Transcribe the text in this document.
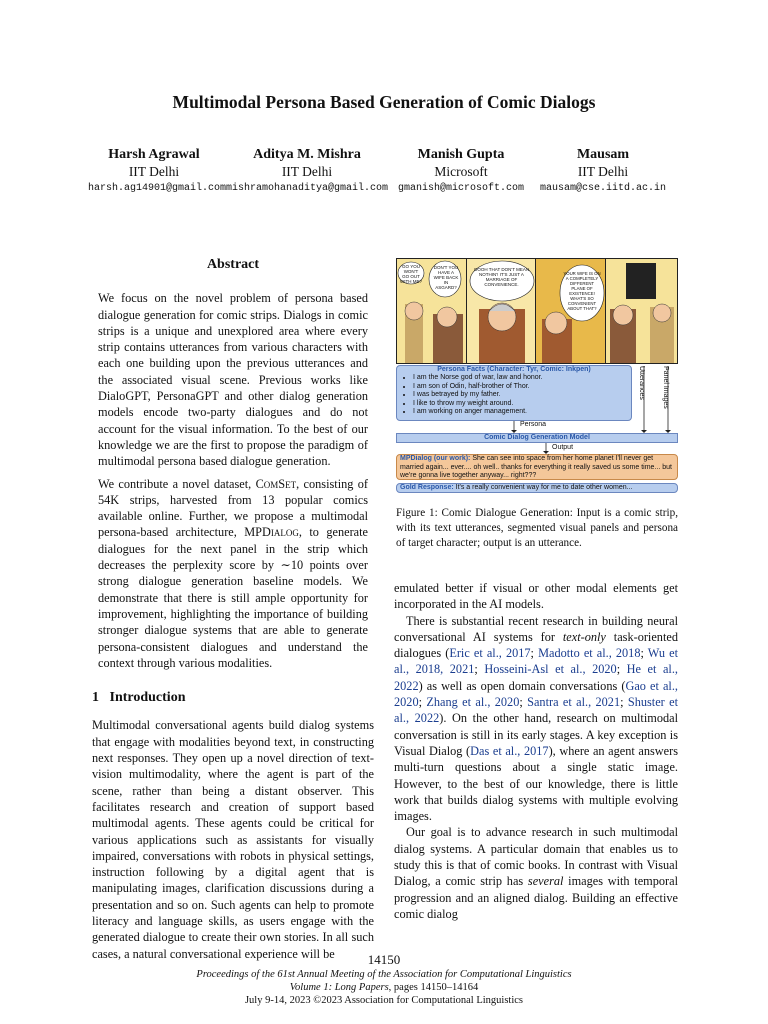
Multimodal Persona Based Generation of Comic Dialogs
Harsh Agrawal
IIT Delhi
harsh.ag14901@gmail.com
Aditya M. Mishra
IIT Delhi
mishramohanaditya@gmail.com
Manish Gupta
Microsoft
gmanish@microsoft.com
Mausam
IIT Delhi
mausam@cse.iitd.ac.in
Abstract

We focus on the novel problem of persona based dialogue generation for comic strips. Dialogs in comic strips is a unique and unexplored area where every strip contains utterances from various characters with each one building upon the previous utterances and the associated visual scene. Previous works like DialoGPT, PersonaGPT and other dialog generation models encode two-party dialogues and do not account for the visual information. To the best of our knowledge we are the first to propose the paradigm of multimodal persona based dialogue generation.

We contribute a novel dataset, ComSet, consisting of 54K strips, harvested from 13 popular comics available online. Further, we propose a multimodal persona-based architecture, MPDialog, to generate dialogues for the next panel in the strip which decreases the perplexity score by ∼10 points over strong dialogue generation baseline models. We demonstrate that there is still ample opportunity for improvement, highlighting the importance of building stronger dialogue systems that are able to generate persona-consistent dialogues and understand the context through various modalities.

1 Introduction

Multimodal conversational agents build dialog systems that engage with modalities beyond text, in constructing next responses. They open up a novel direction of text-vision multimodality, where the agent is part of the scene, rather than being a distant observer. This facilitates research and creation of support based multimodal agents. These agents could be critical for various applications such as assistants for visually impaired, conversations with robots in physical settings, instruction following by a digital agent that is manipulating images, clarification discussions during a presentation and so on. Such agents can help to promote literacy and language skills, as users engage with the generated dialogue to create their own stories. In all such cases, a natural conversational experience will be

GO YOU WON'T GO OUT WITH ME?
DON'T YOU HAVE A WIFE BACK IN ASGARD?
OOOH THAT DON'T MEAN NOTHIN'! IT'S JUST A MARRIAGE OF CONVENIENCE.
YOUR WIFE IS ON A COMPLETELY DIFFERENT PLANE OF EXISTENCE! WHAT'S SO CONVENIENT ABOUT THAT?
Persona Facts (Character: Tyr, Comic: Inkpen)
• I am the Norse god of war, law and honor.
• I am son of Odin, half-brother of Thor.
• I was betrayed by my father.
• I like to throw my weight around.
• I am working on anger management.
Utterances Panel Images
Persona
Comic Dialog Generation Model
Output
MPDialog (our work): She can see into space from her home planet I'll never get married again... ever.... oh well.. thanks for everything it really saved us some time... but we're gonna live together anyway... right???
Gold Response: It's a really convenient way for me to date other women...
Figure 1: Comic Dialogue Generation: Input is a comic strip, with its text utterances, segmented visual panels and persona of target character; output is an utterance.

emulated better if visual or other modal elements get incorporated in the AI models.

There is substantial recent research in building neural conversational AI systems for text-only task-oriented dialogues (Eric et al., 2017; Madotto et al., 2018; Wu et al., 2018, 2021; Hosseini-Asl et al., 2020; He et al., 2022) as well as open domain conversations (Gao et al., 2020; Zhang et al., 2020; Santra et al., 2021; Shuster et al., 2022). On the other hand, research on multimodal conversation is still in its early stages. A key exception is Visual Dialog (Das et al., 2017), where an agent answers multi-turn questions about a single static image. However, to the best of our knowledge, there is little work that builds dialog systems with multiple evolving images.

Our goal is to advance research in such multimodal dialog systems. A particular domain that enables us to study this is that of comic books. In contrast with Visual Dialog, a comic strip has several images with temporal progression and an aligned dialog. Building an effective comic dialog

14150
Proceedings of the 61st Annual Meeting of the Association for Computational Linguistics
Volume 1: Long Papers, pages 14150–14164
July 9-14, 2023 ©2023 Association for Computational Linguistics
